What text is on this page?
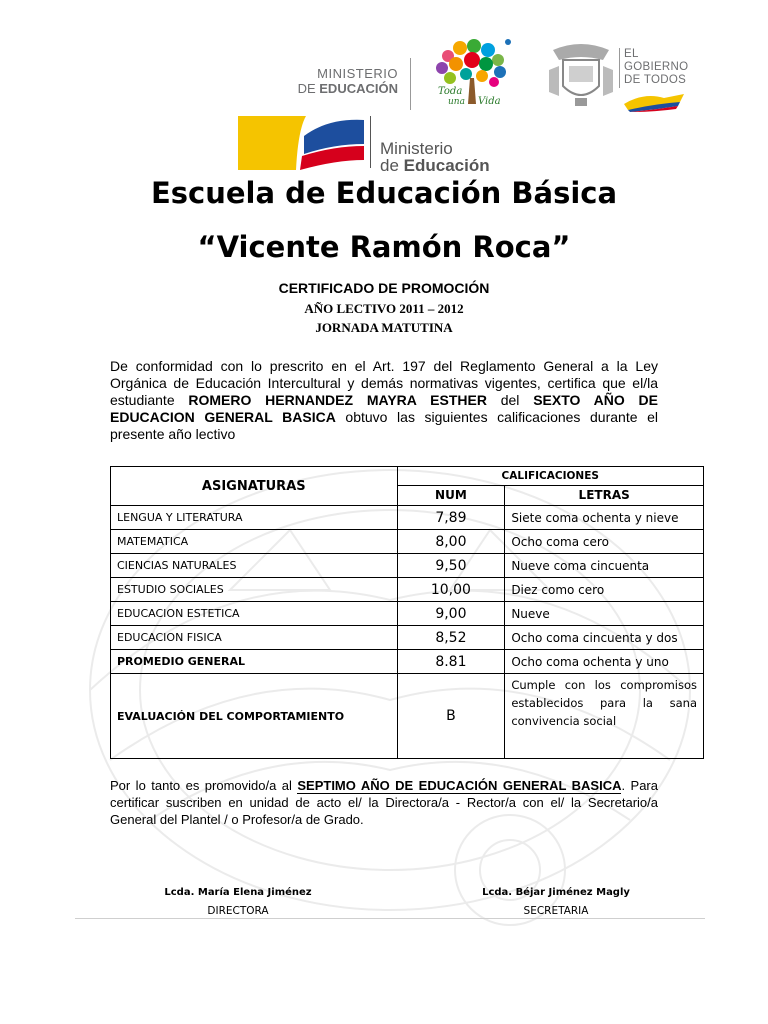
MINISTERIO
DE EDUCACIÓN	Toda
una Vida
EL
GOBIERNO
DE TODOS
Ministerio
de Educación
Escuela de Educación Básica
“Vicente Ramón Roca”
CERTIFICADO DE PROMOCIÓN
AÑO LECTIVO 2011 – 2012
JORNADA MATUTINA
De conformidad con lo prescrito en el Art. 197 del Reglamento General a la Ley Orgánica de Educación Intercultural y demás normativas vigentes, certifica que el/la estudiante ROMERO HERNANDEZ MAYRA ESTHER del SEXTO AÑO DE EDUCACION GENERAL BASICA obtuvo las siguientes calificaciones durante el presente año lectivo
ASIGNATURAS	CALIFICACIONES	
	NUM	LETRAS
LENGUA Y LITERATURA	7,89	Siete coma ochenta y nieve
MATEMATICA	8,00	Ocho coma cero
CIENCIAS NATURALES	9,50	Nueve coma cincuenta
ESTUDIO SOCIALES	10,00	Diez como cero
EDUCACION ESTETICA	9,00	Nueve
EDUCACION FISICA	8,52	Ocho coma cincuenta y dos
PROMEDIO GENERAL	8.81	Ocho coma ochenta y uno
EVALUACIÓN DEL COMPORTAMIENTO	B	Cumple con los compromisos establecidos para la sana convivencia social
Por lo tanto es promovido/a al SEPTIMO AÑO DE EDUCACIÓN GENERAL BASICA. Para certificar suscriben en unidad de acto el/ la Directora/a - Rector/a con el/ la Secretario/a General del Plantel / o Profesor/a de Grado.
Lcda. María Elena Jiménez
DIRECTORA
Lcda. Béjar Jiménez Magly
SECRETARIA
